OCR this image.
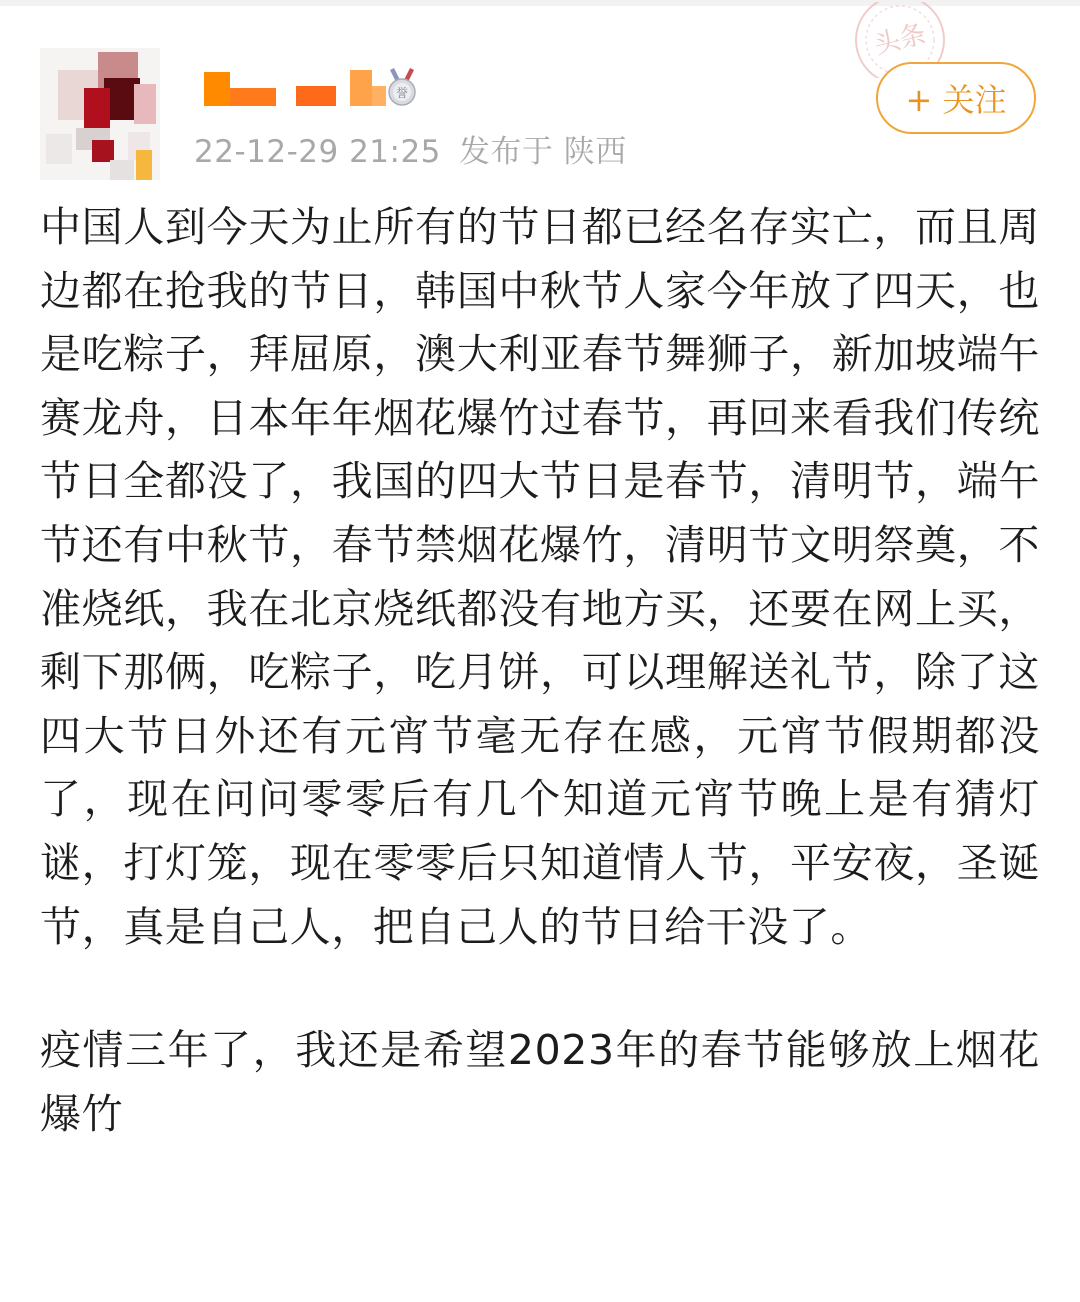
誉
22-12-29 21:25 发布于 陕西
头条
+ 关注

中国人到今天为止所有的节日都已经名存实亡，而且周边都在抢我的节日，韩国中秋节人家今年放了四天，也是吃粽子，拜屈原，澳大利亚春节舞狮子，新加坡端午赛龙舟，日本年年烟花爆竹过春节，再回来看我们传统节日全都没了，我国的四大节日是春节，清明节，端午节还有中秋节，春节禁烟花爆竹，清明节文明祭奠，不准烧纸，我在北京烧纸都没有地方买，还要在网上买，剩下那俩，吃粽子，吃月饼，可以理解送礼节，除了这四大节日外还有元宵节毫无存在感，元宵节假期都没了，现在问问零零后有几个知道元宵节晚上是有猜灯谜，打灯笼，现在零零后只知道情人节，平安夜，圣诞节，真是自己人，把自己人的节日给干没了。

疫情三年了，我还是希望2023年的春节能够放上烟花爆竹
